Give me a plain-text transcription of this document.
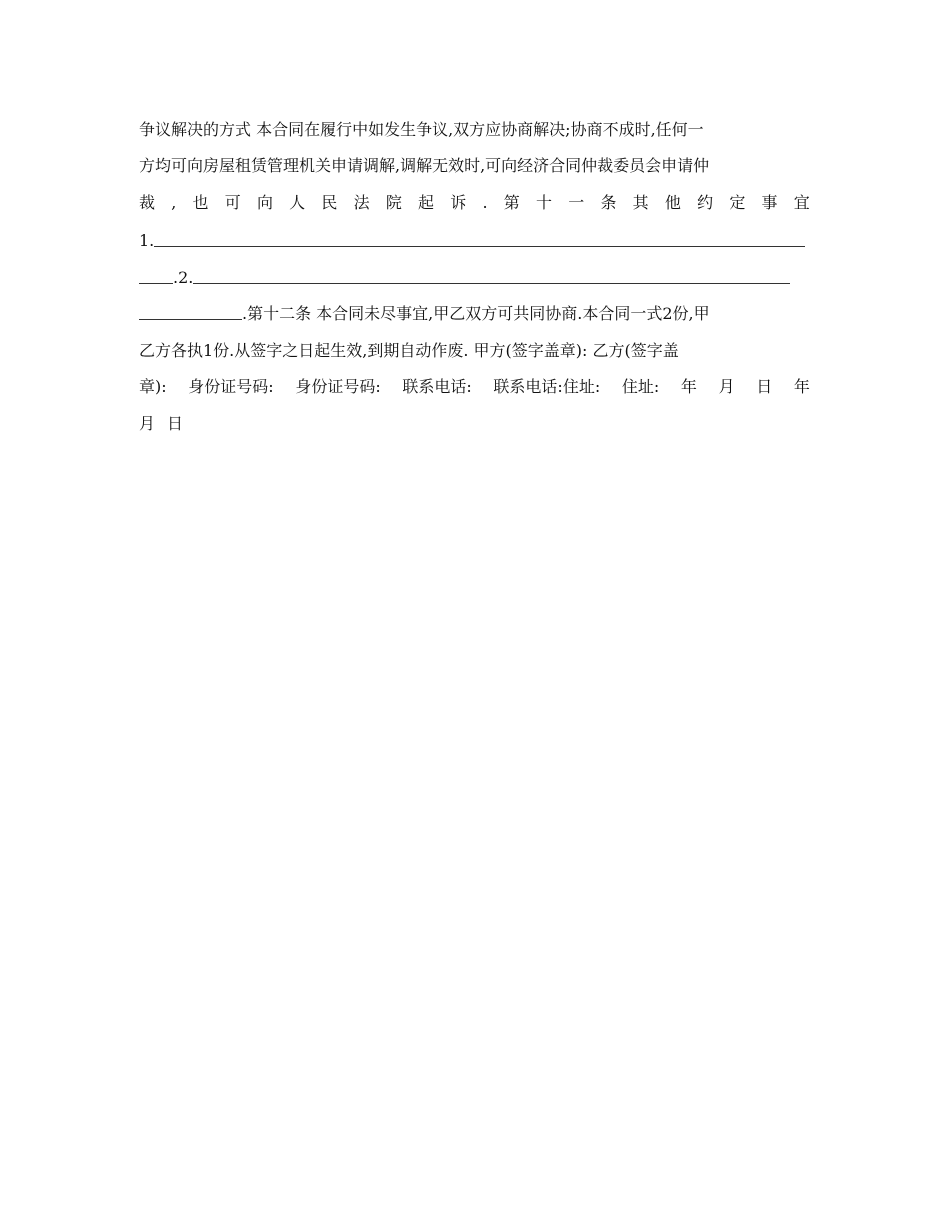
争议解决的方式 本合同在履行中如发生争议,双方应协商解决;协商不成时,任何一
方均可向房屋租赁管理机关申请调解,调解无效时,可向经济合同仲裁委员会申请仲
裁 , 也 可 向 人 民 法 院 起 诉 . 第 十 一 条 其 他 约 定 事 宜
1.
.2.
.第十二条 本合同未尽事宜,甲乙双方可共同协商.本合同一式2份,甲
乙方各执1份.从签字之日起生效,到期自动作废. 甲方(签字盖章): 乙方(签字盖
章): 身份证号码: 身份证号码: 联系电话: 联系电话:住址: 住址: 年 月 日 年
月 日
